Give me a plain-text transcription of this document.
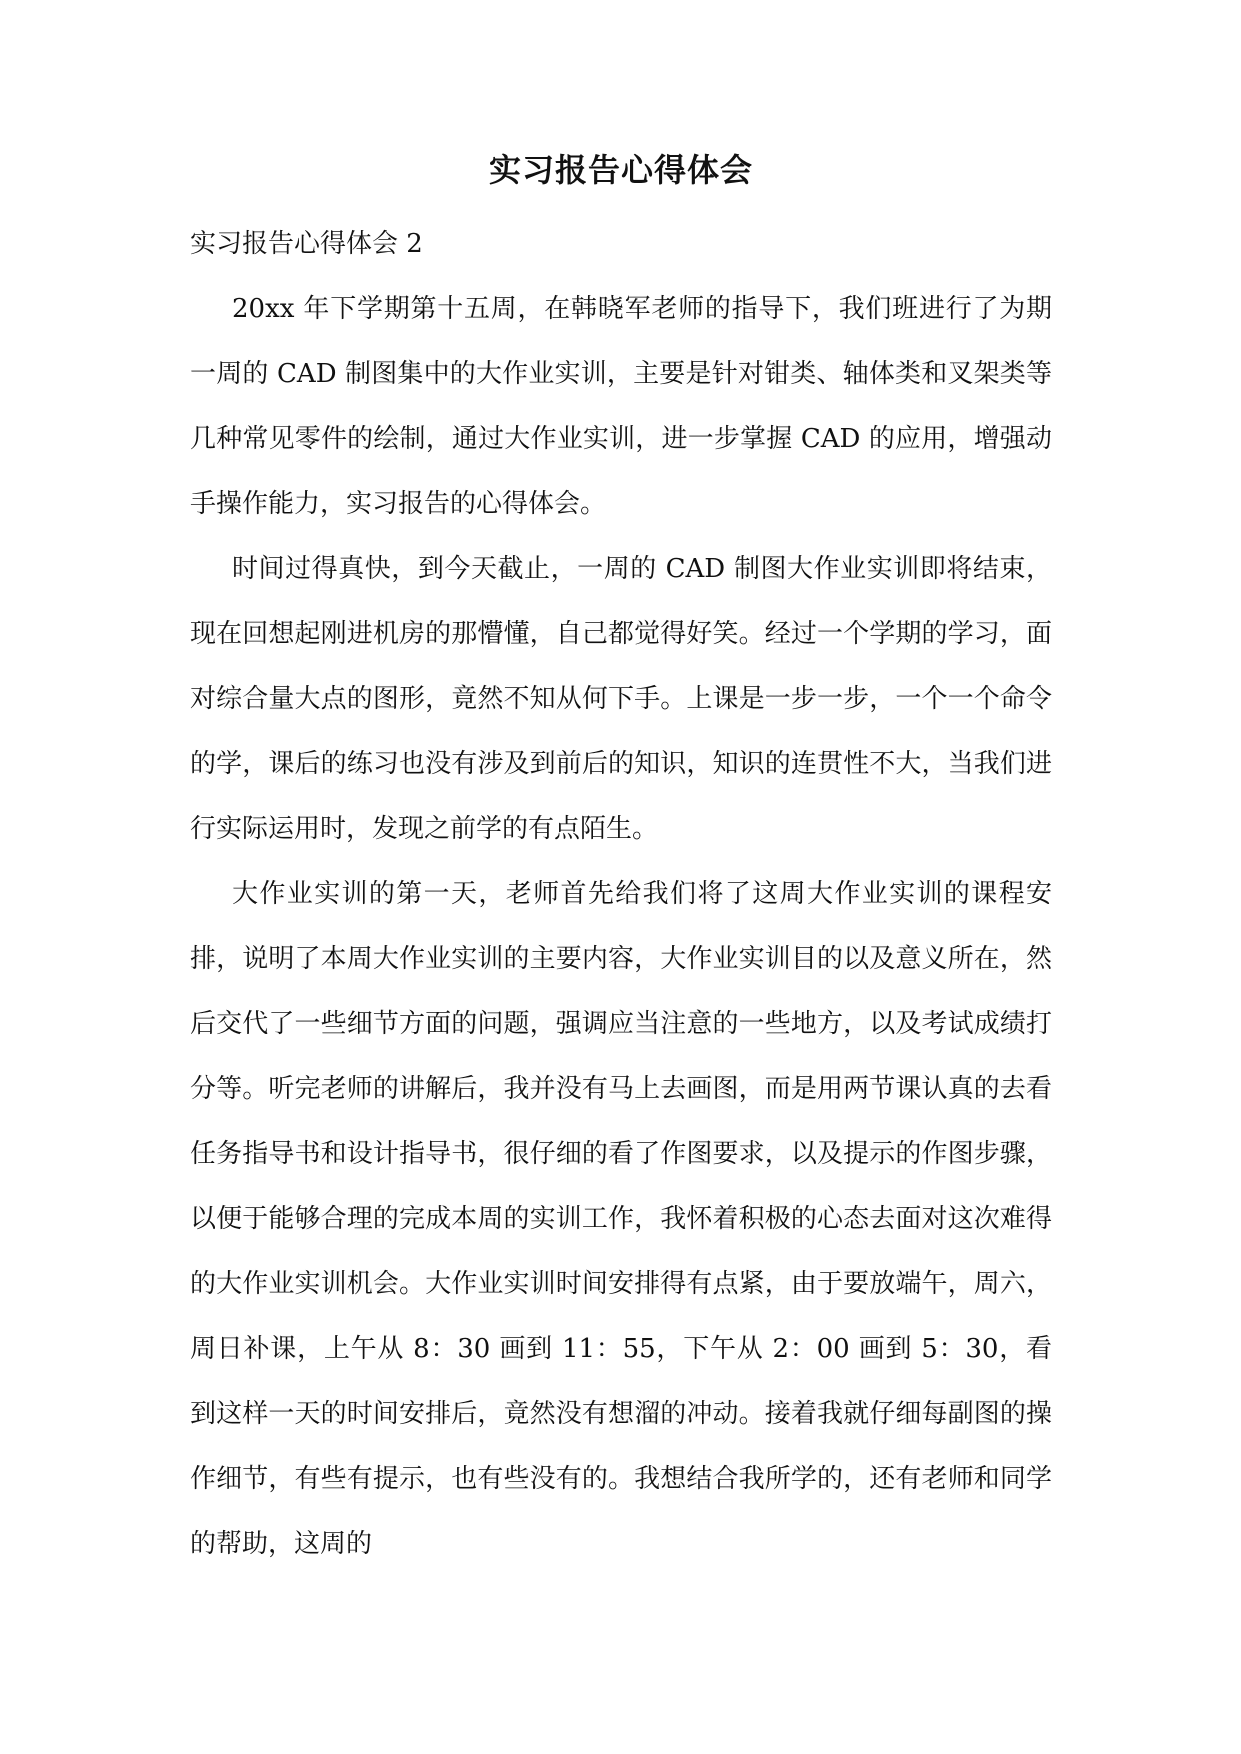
实习报告心得体会

实习报告心得体会 2

20xx 年下学期第十五周，在韩晓军老师的指导下，我们班进行了为期一周的 CAD 制图集中的大作业实训，主要是针对钳类、轴体类和叉架类等几种常见零件的绘制，通过大作业实训，进一步掌握 CAD 的应用，增强动手操作能力，实习报告的心得体会。

时间过得真快，到今天截止，一周的 CAD 制图大作业实训即将结束，现在回想起刚进机房的那懵懂，自己都觉得好笑。经过一个学期的学习，面对综合量大点的图形，竟然不知从何下手。上课是一步一步，一个一个命令的学，课后的练习也没有涉及到前后的知识，知识的连贯性不大，当我们进行实际运用时，发现之前学的有点陌生。

大作业实训的第一天，老师首先给我们将了这周大作业实训的课程安排，说明了本周大作业实训的主要内容，大作业实训目的以及意义所在，然后交代了一些细节方面的问题，强调应当注意的一些地方，以及考试成绩打分等。听完老师的讲解后，我并没有马上去画图，而是用两节课认真的去看任务指导书和设计指导书，很仔细的看了作图要求，以及提示的作图步骤，以便于能够合理的完成本周的实训工作，我怀着积极的心态去面对这次难得的大作业实训机会。大作业实训时间安排得有点紧，由于要放端午，周六，周日补课，上午从 8：30 画到 11：55，下午从 2：00 画到 5：30，看到这样一天的时间安排后，竟然没有想溜的冲动。接着我就仔细每副图的操作细节，有些有提示，也有些没有的。我想结合我所学的，还有老师和同学的帮助，这周的
